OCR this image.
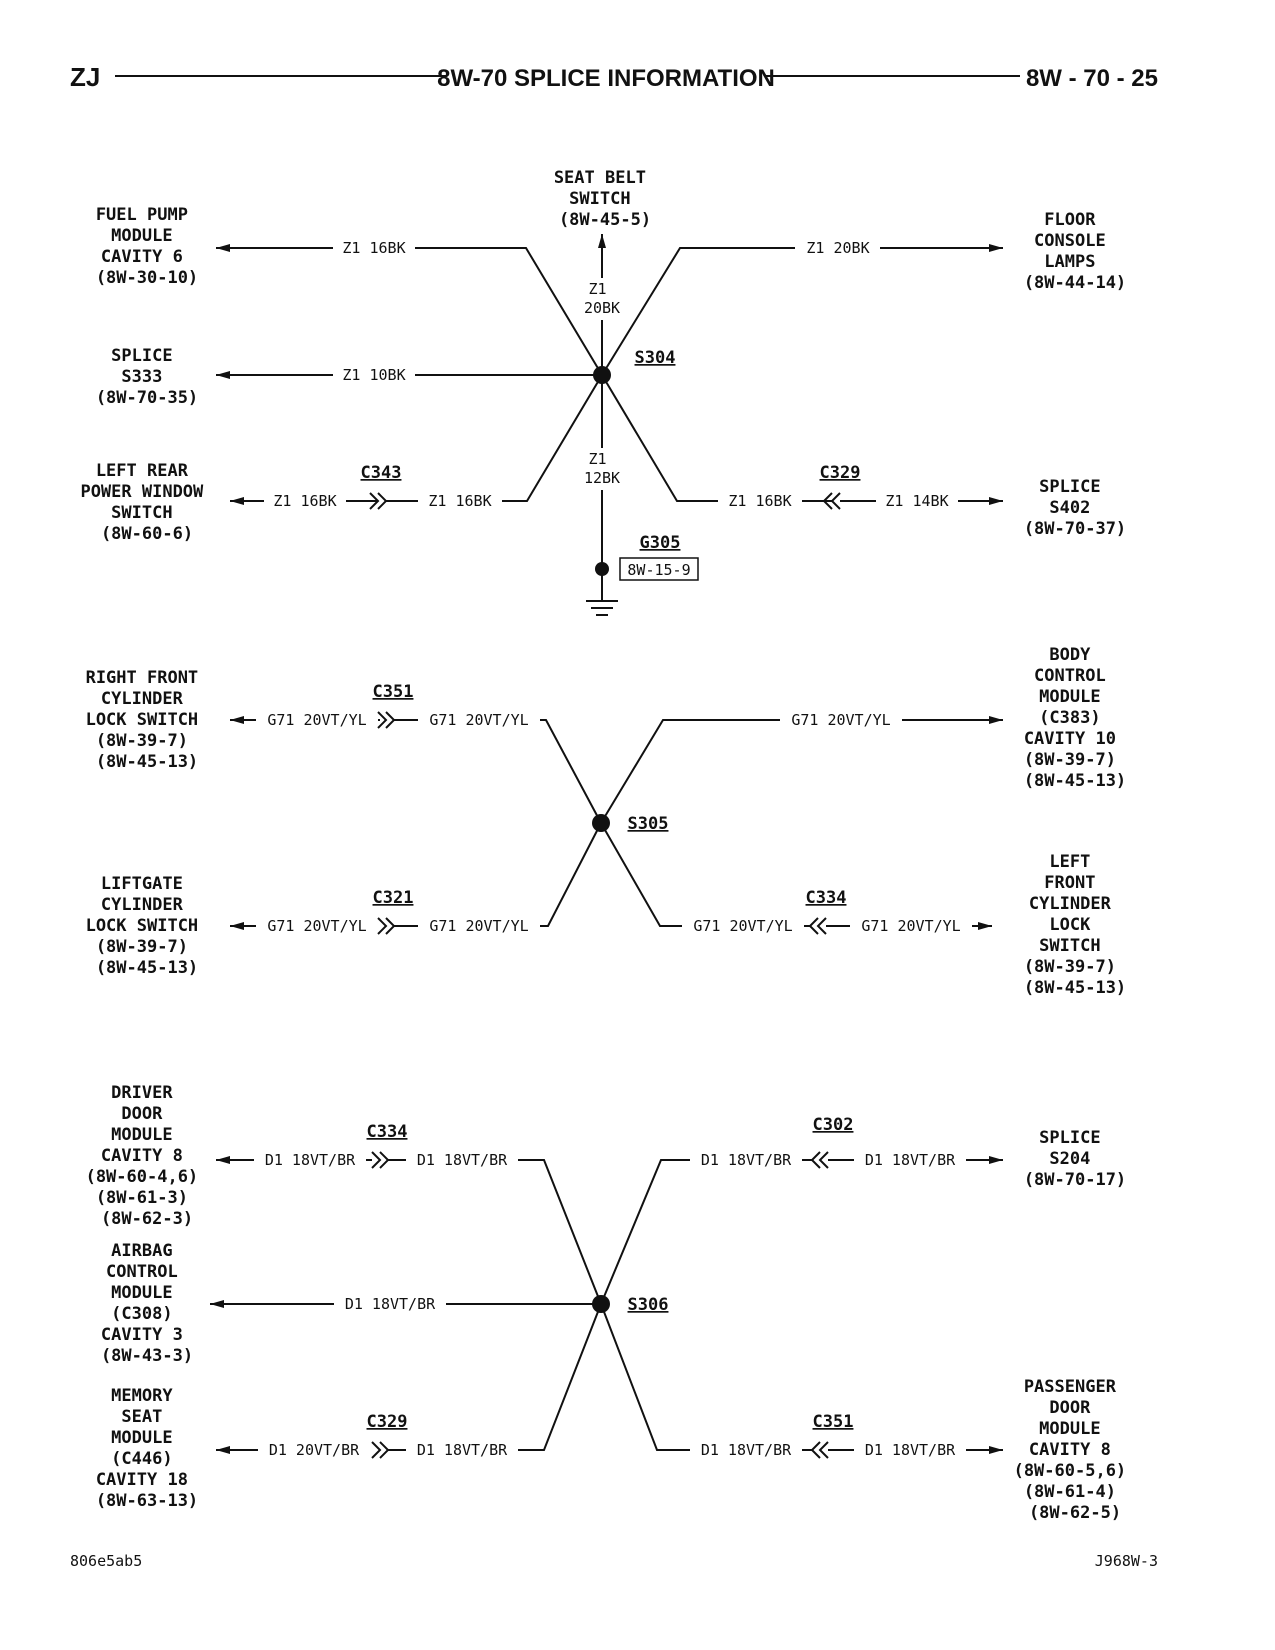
ZJ	8W-70 SPLICE INFORMATION	8W - 70 - 25
FUEL PUMP MODULE CAVITY 6 (8W-30-10)
SEAT BELT SWITCH (8W-45-5)	FLOOR CONSOLE LAMPS (8W-44-14)
SPLICE S333 (8W-70-35)
LEFT REAR POWER WINDOW SWITCH (8W-60-6)
SPLICE S402 (8W-70-37)
Z1 16BK
Z1 20BK
Z1 20BK
Z1 10BK
Z1 16BK	Z1 16BK
C343
Z1 12BK
G305
8W-15-9
Z1 16BK	Z1 14BK
C329
S304
RIGHT FRONT CYLINDER LOCK SWITCH (8W-39-7) (8W-45-13)
BODY CONTROL MODULE (C383) CAVITY 10 (8W-39-7) (8W-45-13)
LIFTGATE CYLINDER LOCK SWITCH (8W-39-7) (8W-45-13)
LEFT FRONT CYLINDER LOCK SWITCH (8W-39-7) (8W-45-13)
G71 20VT/YL	G71 20VT/YL
C351
G71 20VT/YL
G71 20VT/YL	G71 20VT/YL
C321
G71 20VT/YL	G71 20VT/YL
C334
S305
DRIVER DOOR MODULE CAVITY 8 (8W-60-4,6) (8W-61-3) (8W-62-3)
AIRBAG CONTROL MODULE (C308) CAVITY 3 (8W-43-3)
MEMORY SEAT MODULE (C446) CAVITY 18 (8W-63-13)
SPLICE S204 (8W-70-17)
PASSENGER DOOR MODULE CAVITY 8 (8W-60-5,6) (8W-61-4) (8W-62-5)
D1 18VT/BR	D1 18VT/BR
C334
D1 18VT/BR
D1 20VT/BR	D1 18VT/BR
C329
D1 18VT/BR	D1 18VT/BR
C302
D1 18VT/BR	D1 18VT/BR
C351
S306
806e5ab5	J968W-3
